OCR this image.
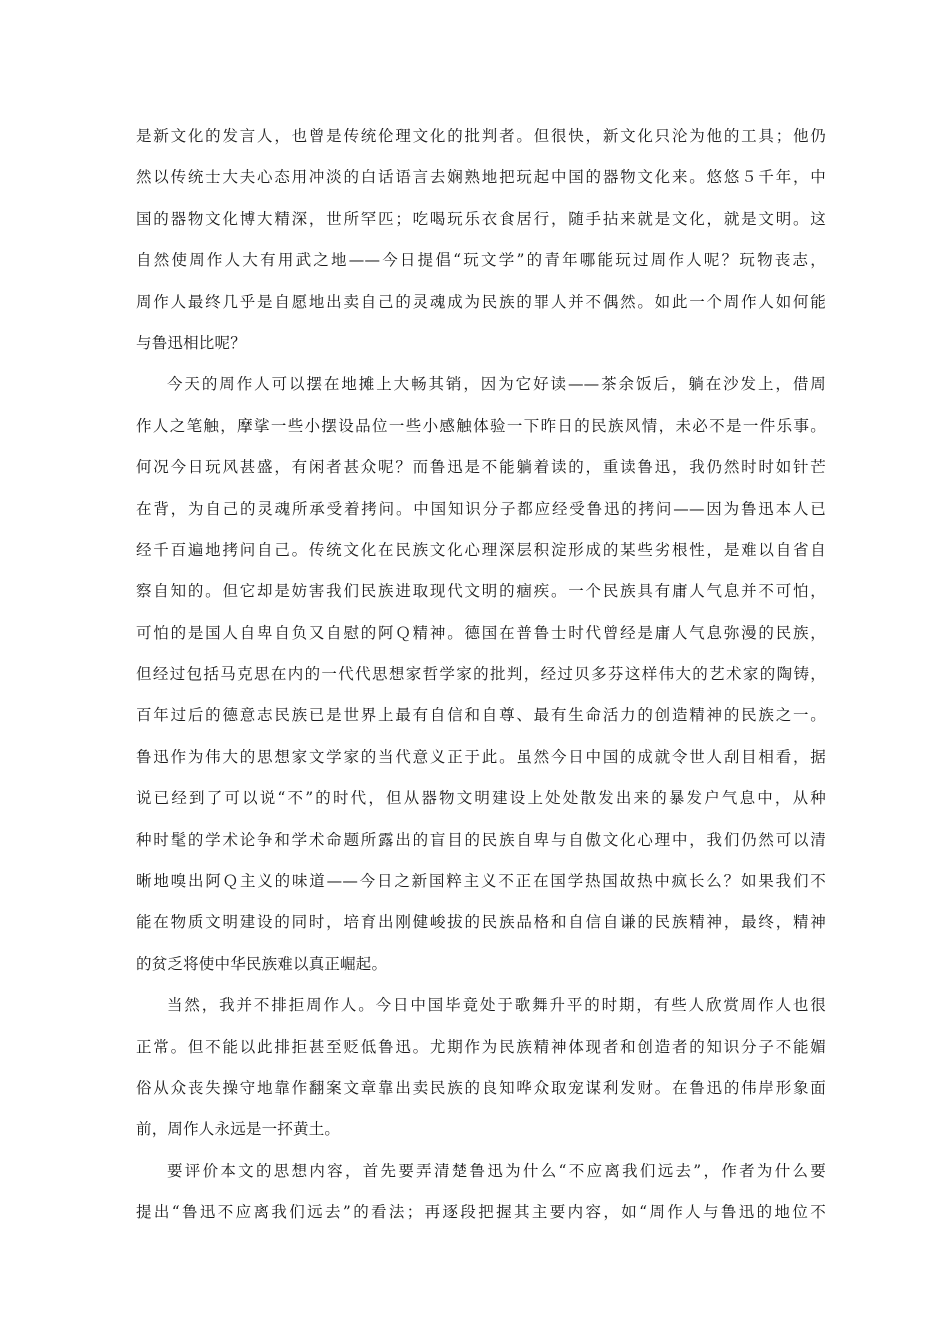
是新文化的发言人，也曾是传统伦理文化的批判者。但很快，新文化只沦为他的工具；他仍
然以传统士大夫心态用冲淡的白话语言去娴熟地把玩起中国的器物文化来。悠悠５千年，中
国的器物文化博大精深，世所罕匹；吃喝玩乐衣食居行，随手拈来就是文化，就是文明。这
自然使周作人大有用武之地——今日提倡“玩文学”的青年哪能玩过周作人呢？玩物丧志，
周作人最终几乎是自愿地出卖自己的灵魂成为民族的罪人并不偶然。如此一个周作人如何能
与鲁迅相比呢？
今天的周作人可以摆在地摊上大畅其销，因为它好读——茶余饭后，躺在沙发上，借周
作人之笔触，摩挲一些小摆设品位一些小感触体验一下昨日的民族风情，未必不是一件乐事。
何况今日玩风甚盛，有闲者甚众呢？而鲁迅是不能躺着读的，重读鲁迅，我仍然时时如针芒
在背，为自己的灵魂所承受着拷问。中国知识分子都应经受鲁迅的拷问——因为鲁迅本人已
经千百遍地拷问自己。传统文化在民族文化心理深层积淀形成的某些劣根性，是难以自省自
察自知的。但它却是妨害我们民族进取现代文明的痼疾。一个民族具有庸人气息并不可怕，
可怕的是国人自卑自负又自慰的阿Ｑ精神。德国在普鲁士时代曾经是庸人气息弥漫的民族，
但经过包括马克思在内的一代代思想家哲学家的批判，经过贝多芬这样伟大的艺术家的陶铸，
百年过后的德意志民族已是世界上最有自信和自尊、最有生命活力的创造精神的民族之一。
鲁迅作为伟大的思想家文学家的当代意义正于此。虽然今日中国的成就令世人刮目相看，据
说已经到了可以说“不”的时代，但从器物文明建设上处处散发出来的暴发户气息中，从种
种时髦的学术论争和学术命题所露出的盲目的民族自卑与自傲文化心理中，我们仍然可以清
晰地嗅出阿Ｑ主义的味道——今日之新国粹主义不正在国学热国故热中疯长么？如果我们不
能在物质文明建设的同时，培育出刚健峻拔的民族品格和自信自谦的民族精神，最终，精神
的贫乏将使中华民族难以真正崛起。
当然，我并不排拒周作人。今日中国毕竟处于歌舞升平的时期，有些人欣赏周作人也很
正常。但不能以此排拒甚至贬低鲁迅。尤期作为民族精神体现者和创造者的知识分子不能媚
俗从众丧失操守地靠作翻案文章靠出卖民族的良知哗众取宠谋利发财。在鲁迅的伟岸形象面
前，周作人永远是一抔黄土。
要评价本文的思想内容，首先要弄清楚鲁迅为什么“不应离我们远去”，作者为什么要
提出“鲁迅不应离我们远去”的看法；再逐段把握其主要内容，如“周作人与鲁迅的地位不
